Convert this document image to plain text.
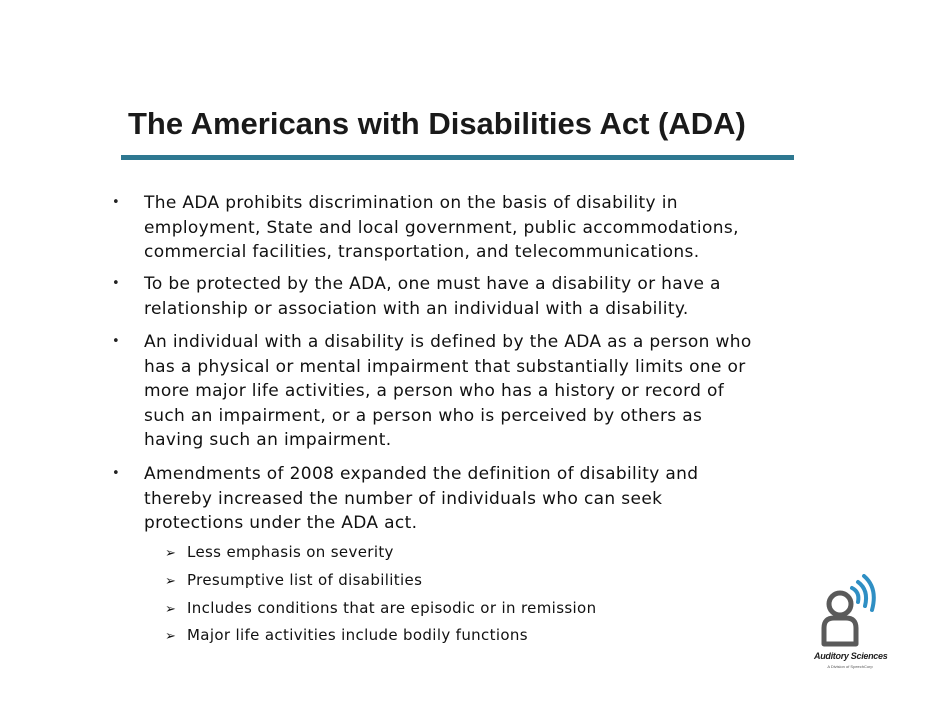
The Americans with Disabilities Act (ADA)
• The ADA prohibits discrimination on the basis of disability in
employment, State and local government, public accommodations,
commercial facilities, transportation, and telecommunications.
• To be protected by the ADA, one must have a disability or have a
relationship or association with an individual with a disability.
• An individual with a disability is defined by the ADA as a person who
has a physical or mental impairment that substantially limits one or
more major life activities, a person who has a history or record of
such an impairment, or a person who is perceived by others as
having such an impairment.
• Amendments of 2008 expanded the definition of disability and
thereby increased the number of individuals who can seek
protections under the ADA act.
➢ Less emphasis on severity
➢ Presumptive list of disabilities
➢ Includes conditions that are episodic or in remission
➢ Major life activities include bodily functions
Auditory Sciences
A Division of SpeechCorp
